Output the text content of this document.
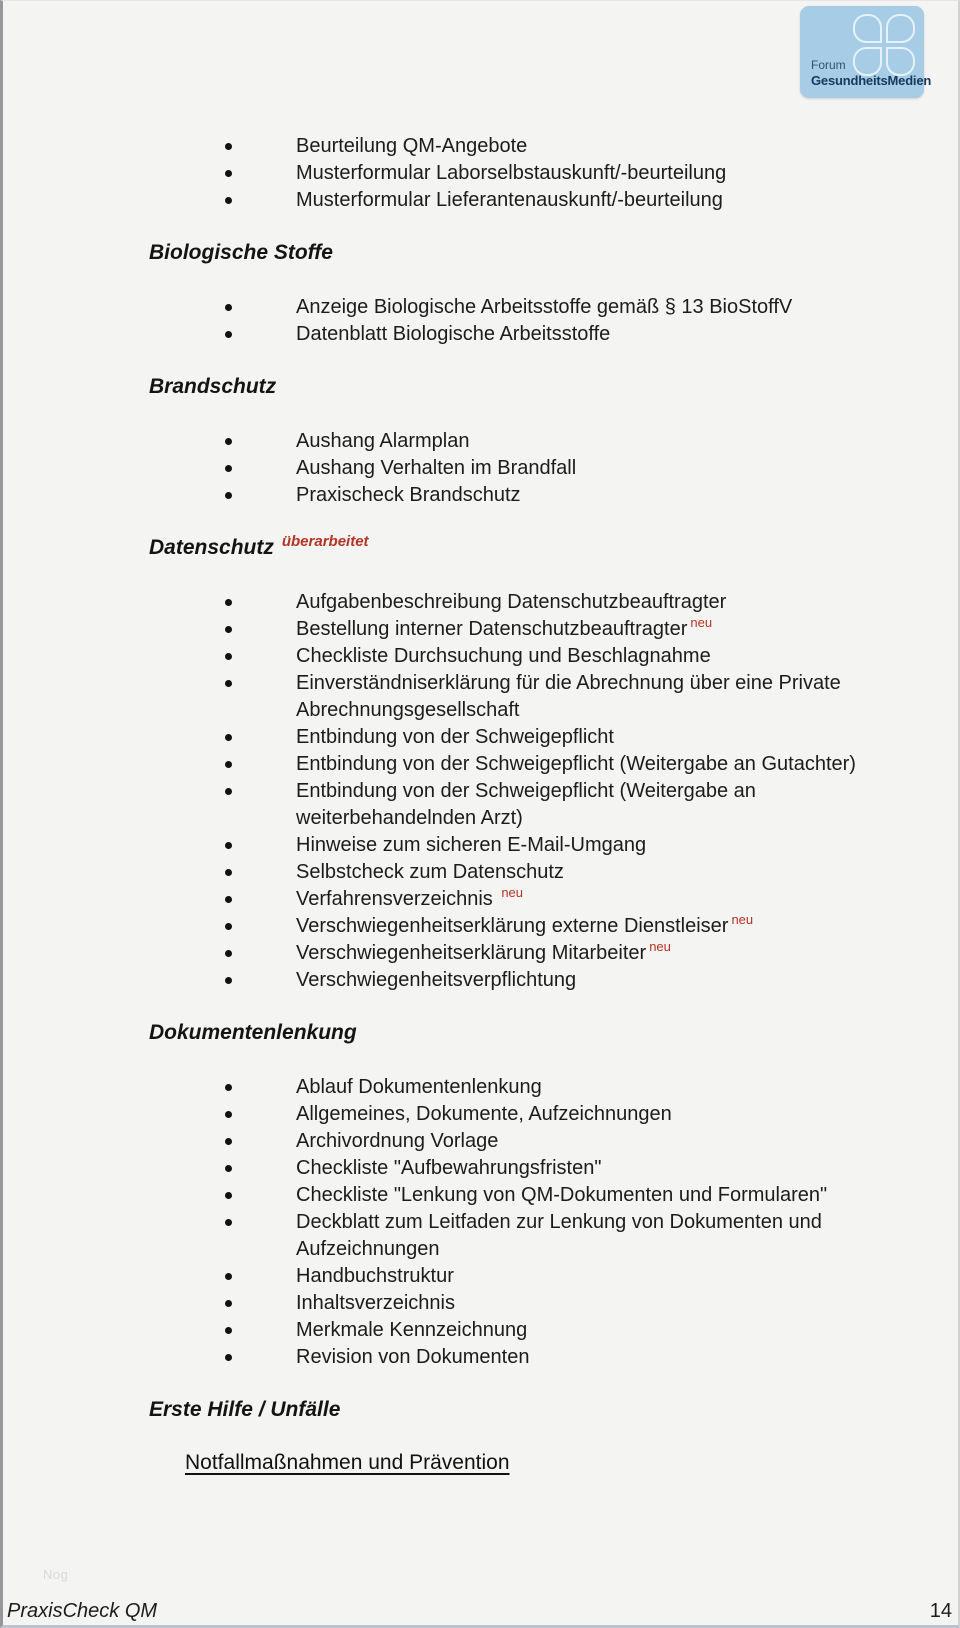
Forum
GesundheitsMedien
Beurteilung QM-Angebote
Musterformular Laborselbstauskunft/-beurteilung
Musterformular Lieferantenauskunft/-beurteilung
Biologische Stoffe
Anzeige Biologische Arbeitsstoffe gemäß § 13 BioStoffV
Datenblatt Biologische Arbeitsstoffe
Brandschutz
Aushang Alarmplan
Aushang Verhalten im Brandfall
Praxischeck Brandschutz
Datenschutz $^{überarbeitet}$
Aufgabenbeschreibung Datenschutzbeauftragter
Bestellung interner Datenschutzbeauftragter $^{neu}$
Checkliste Durchsuchung und Beschlagnahme
Einverständniserklärung für die Abrechnung über eine Private Abrechnungsgesellschaft
Entbindung von der Schweigepflicht
Entbindung von der Schweigepflicht (Weitergabe an Gutachter)
Entbindung von der Schweigepflicht (Weitergabe an weiterbehandelnden Arzt)
Hinweise zum sicheren E-Mail-Umgang
Selbstcheck zum Datenschutz
Verfahrensverzeichnis $^{neu}$
Verschwiegenheitserklärung externe Dienstleiser $^{neu}$
Verschwiegenheitserklärung Mitarbeiter $^{neu}$
Verschwiegenheitsverpflichtung
Dokumentenlenkung
Ablauf Dokumentenlenkung
Allgemeines, Dokumente, Aufzeichnungen
Archivordnung Vorlage
Checkliste "Aufbewahrungsfristen"
Checkliste "Lenkung von QM-Dokumenten und Formularen"
Deckblatt zum Leitfaden zur Lenkung von Dokumenten und Aufzeichnungen
Handbuchstruktur
Inhaltsverzeichnis
Merkmale Kennzeichnung
Revision von Dokumenten
Erste Hilfe / Unfälle
Notfallmaßnahmen und Prävention
Nog
PraxisCheck QM	14
